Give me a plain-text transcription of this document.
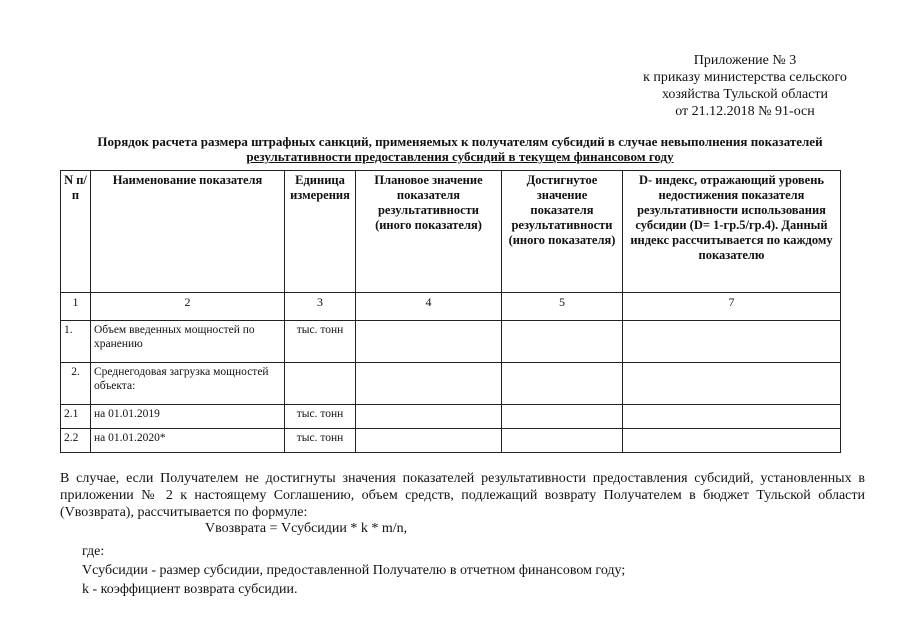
Приложение № 3
к приказу министерства сельского
хозяйства Тульской области
от 21.12.2018 № 91-осн
Порядок расчета размера штрафных санкций, применяемых к получателям субсидий в случае невыполнения показателей
результативности предоставления субсидий в текущем финансовом году
N п/п	Наименование показателя	Единица измерения	Плановое значение показателя результативности (иного показателя)	Достигнутое значение показателя результативности (иного показателя)	D- индекс, отражающий уровень недостижения показателя результативности использования субсидии (D= 1-гр.5/гр.4). Данный индекс рассчитывается по каждому показателю
1	2	3	4	5	7
1.	Объем введенных мощностей по хранению	тыс. тонн			
2.	Среднегодовая загрузка мощностей объекта:				
2.1	на 01.01.2019	тыс. тонн			
2.2	на 01.01.2020*	тыс. тонн			
В случае, если Получателем не достигнуты значения показателей результативности предоставления субсидий, установленных в приложении № 2 к настоящему Соглашению, объем средств, подлежащий возврату Получателем в бюджет Тульской области (Vвозврата), рассчитывается по формуле:
Vвозврата = Vсубсидии * k * m/n,
где:
Vсубсидии - размер субсидии, предоставленной Получателю в отчетном финансовом году;
k - коэффициент возврата субсидии.
